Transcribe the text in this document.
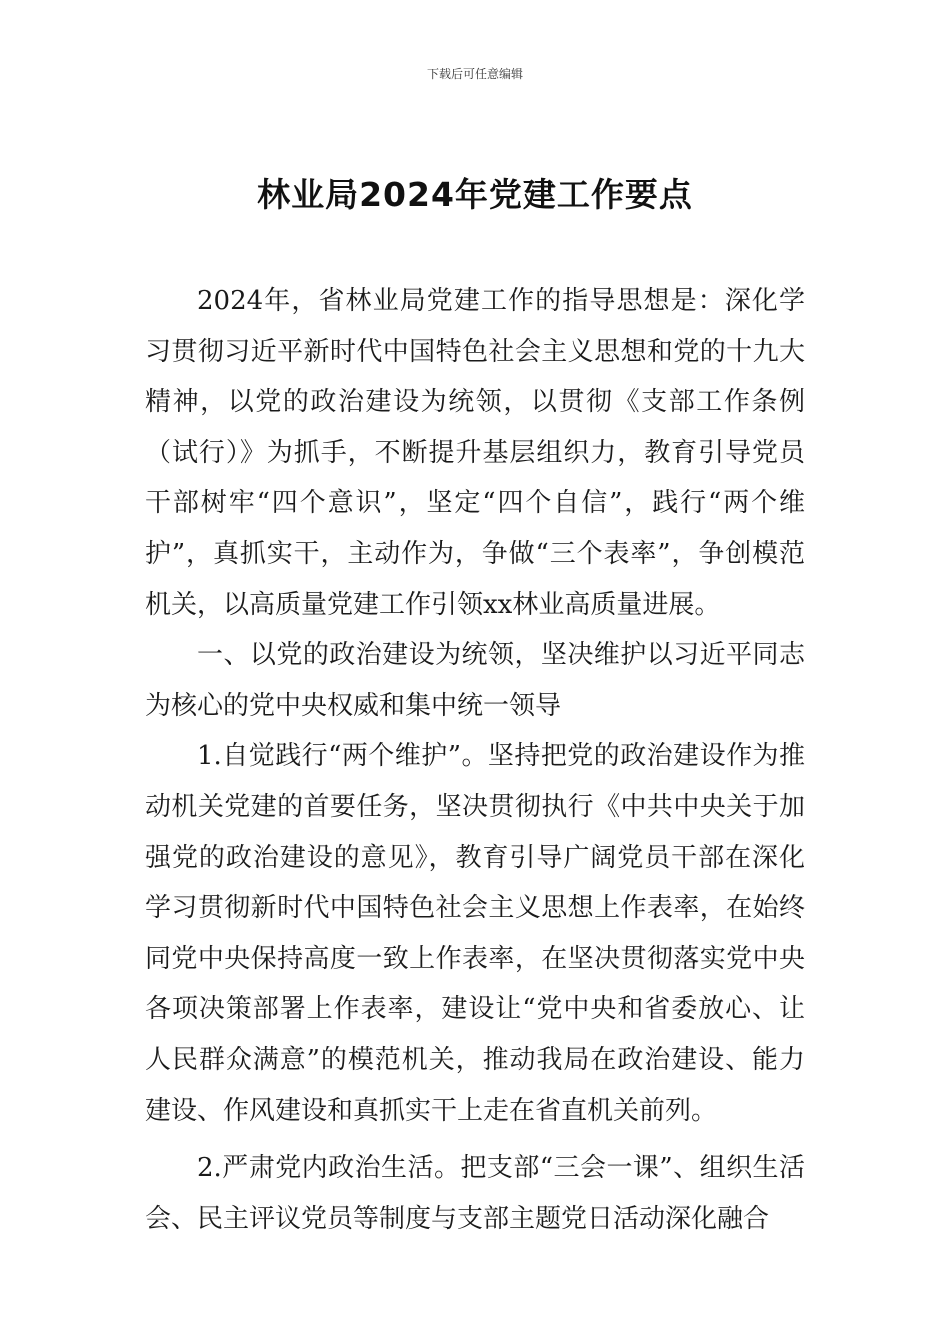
下载后可任意编辑
林业局2024年党建工作要点

2024年，省林业局党建工作的指导思想是：深化学习贯彻习近平新时代中国特色社会主义思想和党的十九大精神，以党的政治建设为统领，以贯彻《支部工作条例（试行）》为抓手，不断提升基层组织力，教育引导党员干部树牢“四个意识”，坚定“四个自信”，践行“两个维护”，真抓实干，主动作为，争做“三个表率”，争创模范机关，以高质量党建工作引领xx林业高质量进展。

一、以党的政治建设为统领，坚决维护以习近平同志为核心的党中央权威和集中统一领导

1.自觉践行“两个维护”。坚持把党的政治建设作为推动机关党建的首要任务，坚决贯彻执行《中共中央关于加强党的政治建设的意见》，教育引导广阔党员干部在深化学习贯彻新时代中国特色社会主义思想上作表率，在始终同党中央保持高度一致上作表率，在坚决贯彻落实党中央各项决策部署上作表率，建设让“党中央和省委放心、让人民群众满意”的模范机关，推动我局在政治建设、能力建设、作风建设和真抓实干上走在省直机关前列。

2.严肃党内政治生活。把支部“三会一课”、组织生活会、民主评议党员等制度与支部主题党日活动深化融合
